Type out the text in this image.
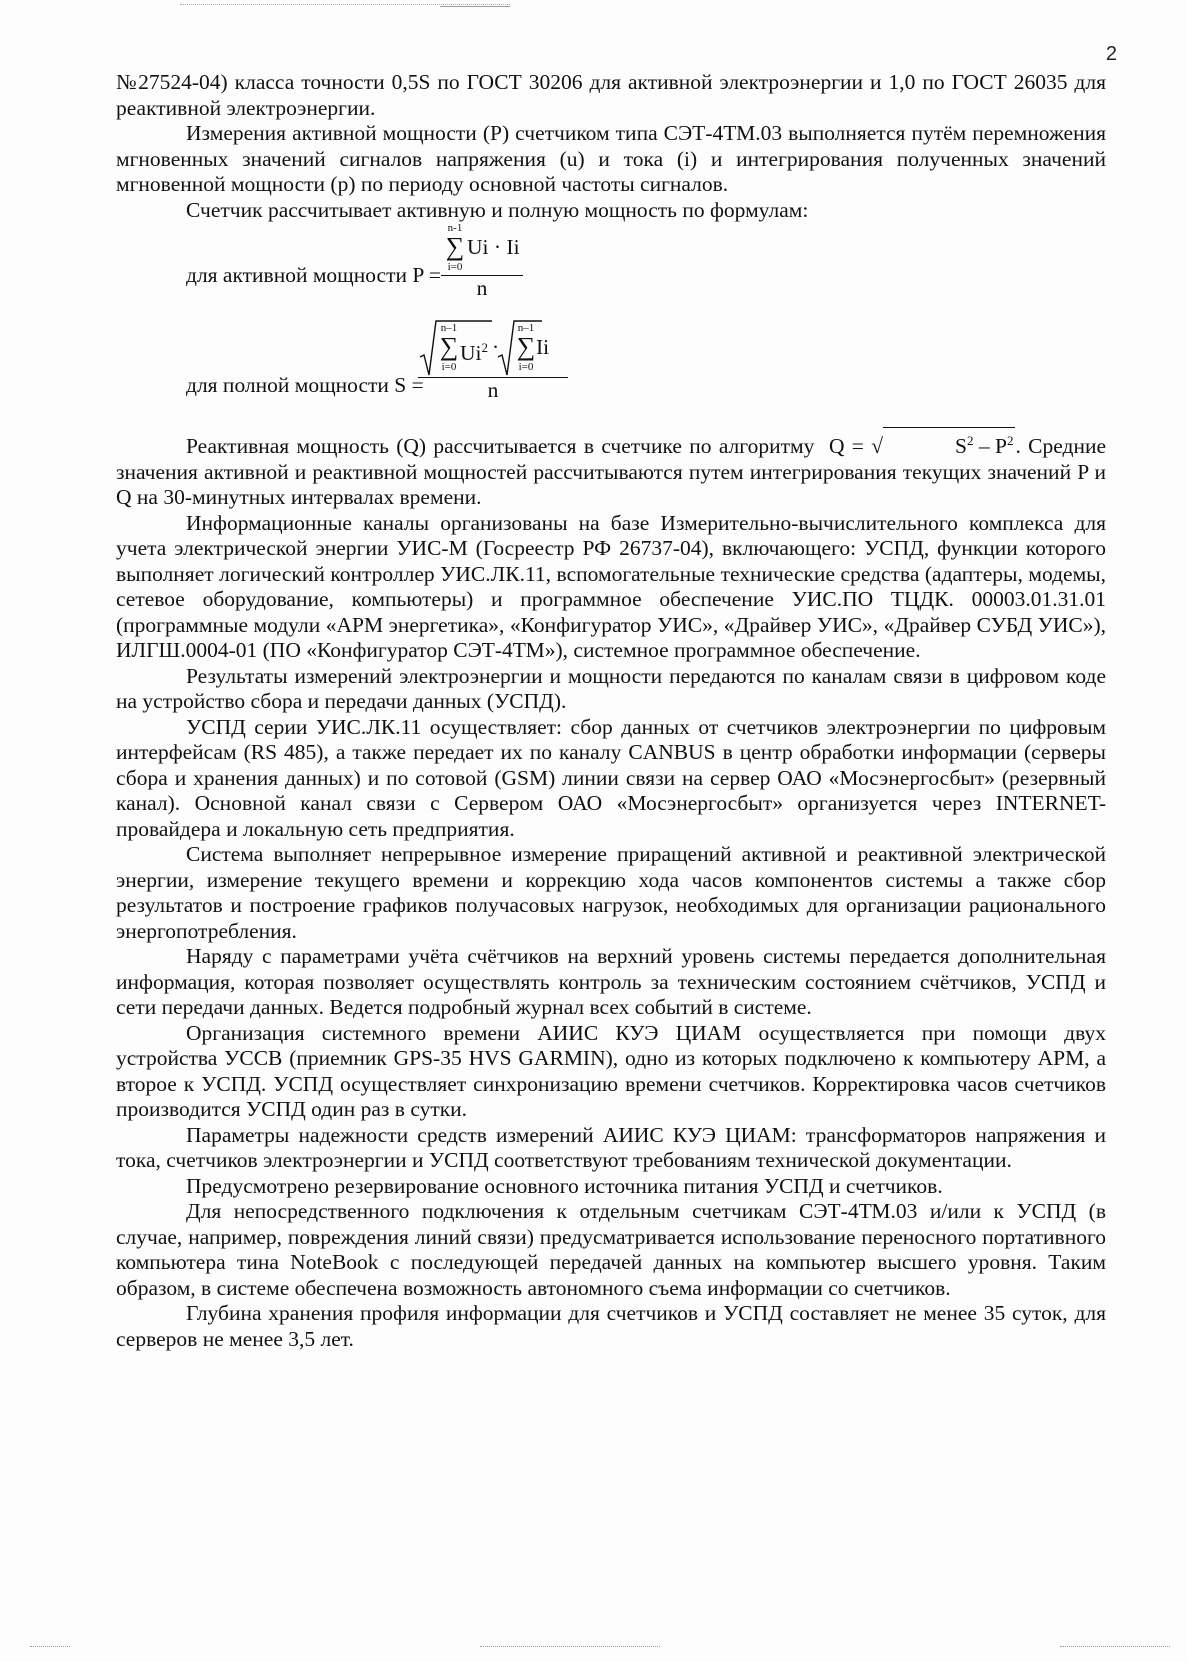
2

№27524-04) класса точности 0,5S по ГОСТ 30206 для активной электроэнергии и 1,0 по ГОСТ 26035 для реактивной электроэнергии.

Измерения активной мощности (P) счетчиком типа СЭТ-4ТМ.03 выполняется путём перемножения мгновенных значений сигналов напряжения (u) и тока (i) и интегрирования полученных значений мгновенной мощности (p) по периоду основной частоты сигналов.

Счетчик рассчитывает активную и полную мощность по формулам:

для активной мощности P =
n-1
∑
i=0
Ui · Ii
n
для полной мощности S =
n–1
∑
i=0
$Ui^2$ ·
n–1
∑
i=0
Ii
n

Реактивная мощность (Q) рассчитывается в счетчике по алгоритму Q = √	$S^2 - P^2$. Средние значения активной и реактивной мощностей рассчитываются путем интегрирования текущих значений P и Q на 30-минутных интервалах времени.

Информационные каналы организованы на базе Измерительно-вычислительного комплекса для учета электрической энергии УИС-М (Госреестр РФ 26737-04), включающего: УСПД, функции которого выполняет логический контроллер УИС.ЛК.11, вспомогательные технические средства (адаптеры, модемы, сетевое оборудование, компьютеры) и программное обеспечение УИС.ПО ТЦДК. 00003.01.31.01 (программные модули «АРМ энергетика», «Конфигуратор УИС», «Драйвер УИС», «Драйвер СУБД УИС»), ИЛГШ.0004-01 (ПО «Конфигуратор СЭТ-4ТМ»), системное программное обеспечение.

Результаты измерений электроэнергии и мощности передаются по каналам связи в цифровом коде на устройство сбора и передачи данных (УСПД).

УСПД серии УИС.ЛК.11 осуществляет: сбор данных от счетчиков электроэнергии по цифровым интерфейсам (RS 485), а также передает их по каналу CANBUS в центр обработки информации (серверы сбора и хранения данных) и по сотовой (GSM) линии связи на сервер ОАО «Мосэнергосбыт» (резервный канал). Основной канал связи с Сервером ОАО «Мосэнергосбыт» организуется через INTERNET-провайдера и локальную сеть предприятия.

Система выполняет непрерывное измерение приращений активной и реактивной электрической энергии, измерение текущего времени и коррекцию хода часов компонентов системы а также сбор результатов и построение графиков получасовых нагрузок, необходимых для организации рационального энергопотребления.

Наряду с параметрами учёта счётчиков на верхний уровень системы передается дополнительная информация, которая позволяет осуществлять контроль за техническим состоянием счётчиков, УСПД и сети передачи данных. Ведется подробный журнал всех событий в системе.

Организация системного времени АИИС КУЭ ЦИАМ осуществляется при помощи двух устройства УССВ (приемник GPS-35 HVS GARMIN), одно из которых подключено к компьютеру АРМ, а второе к УСПД. УСПД осуществляет синхронизацию времени счетчиков. Корректировка часов счетчиков производится УСПД один раз в сутки.

Параметры надежности средств измерений АИИС КУЭ ЦИАМ: трансформаторов напряжения и тока, счетчиков электроэнергии и УСПД соответствуют требованиям технической документации.

Предусмотрено резервирование основного источника питания УСПД и счетчиков.

Для непосредственного подключения к отдельным счетчикам СЭТ-4ТМ.03 и/или к УСПД (в случае, например, повреждения линий связи) предусматривается использование переносного портативного компьютера тина NoteBook с последующей передачей данных на компьютер высшего уровня. Таким образом, в системе обеспечена возможность автономного съема информации со счетчиков.

Глубина хранения профиля информации для счетчиков и УСПД составляет не менее 35 суток, для серверов не менее 3,5 лет.
